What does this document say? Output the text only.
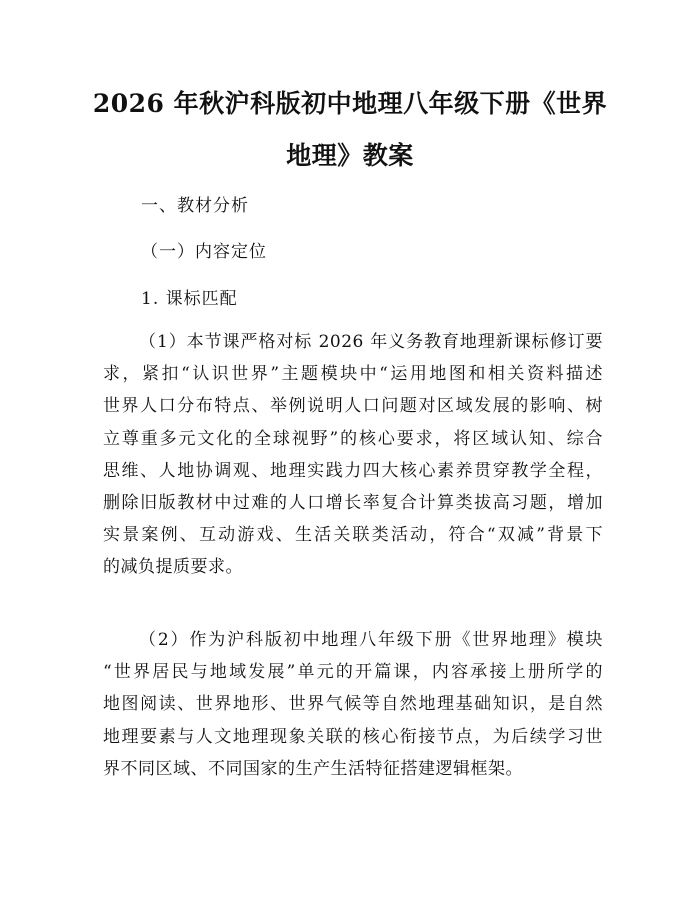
2026 年秋沪科版初中地理八年级下册《世界
地理》教案

一、教材分析

（一）内容定位

1. 课标匹配

（1）本节课严格对标 2026 年义务教育地理新课标修订要
求，紧扣“认识世界”主题模块中“运用地图和相关资料描述
世界人口分布特点、举例说明人口问题对区域发展的影响、树
立尊重多元文化的全球视野”的核心要求，将区域认知、综合
思维、人地协调观、地理实践力四大核心素养贯穿教学全程，
删除旧版教材中过难的人口增长率复合计算类拔高习题，增加
实景案例、互动游戏、生活关联类活动，符合“双减”背景下
的减负提质要求。
（2）作为沪科版初中地理八年级下册《世界地理》模块
“世界居民与地域发展”单元的开篇课，内容承接上册所学的
地图阅读、世界地形、世界气候等自然地理基础知识，是自然
地理要素与人文地理现象关联的核心衔接节点，为后续学习世
界不同区域、不同国家的生产生活特征搭建逻辑框架。
